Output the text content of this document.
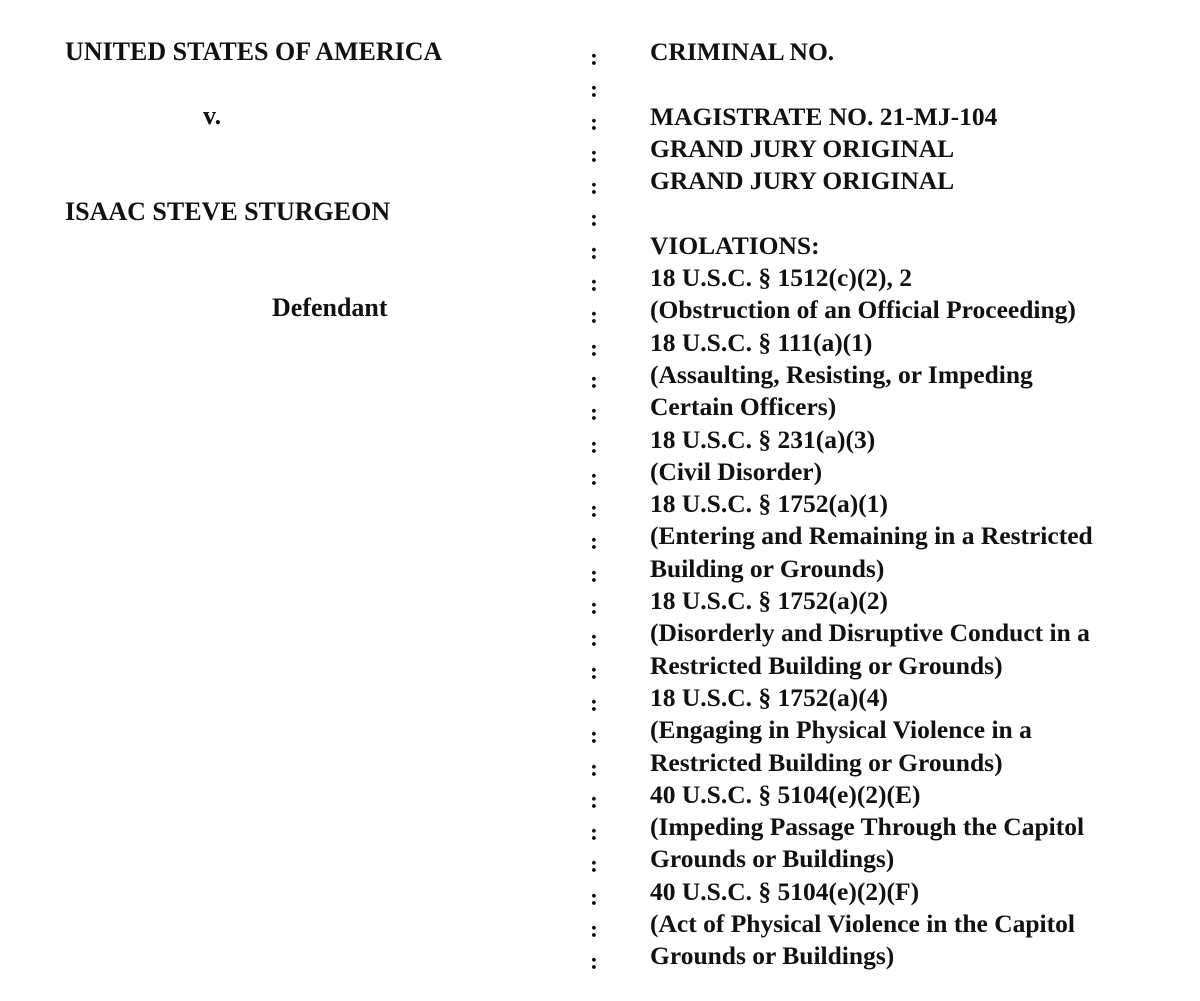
UNITED STATES OF AMERICA
v.
ISAAC STEVE STURGEON
Defendant
:
:
:
:
:
:
:
:
:
:
:
:
:
:
:
:
:
:
:
:
:
:
:
:
:
:
:
:
:
CRIMINAL NO.
MAGISTRATE NO. 21-MJ-104
GRAND JURY ORIGINAL
GRAND JURY ORIGINAL
VIOLATIONS:
18 U.S.C. § 1512(c)(2), 2
(Obstruction of an Official Proceeding)
18 U.S.C. § 111(a)(1)
(Assaulting, Resisting, or Impeding
Certain Officers)
18 U.S.C. § 231(a)(3)
(Civil Disorder)
18 U.S.C. § 1752(a)(1)
(Entering and Remaining in a Restricted
Building or Grounds)
18 U.S.C. § 1752(a)(2)
(Disorderly and Disruptive Conduct in a
Restricted Building or Grounds)
18 U.S.C. § 1752(a)(4)
(Engaging in Physical Violence in a
Restricted Building or Grounds)
40 U.S.C. § 5104(e)(2)(E)
(Impeding Passage Through the Capitol
Grounds or Buildings)
40 U.S.C. § 5104(e)(2)(F)
(Act of Physical Violence in the Capitol
Grounds or Buildings)
